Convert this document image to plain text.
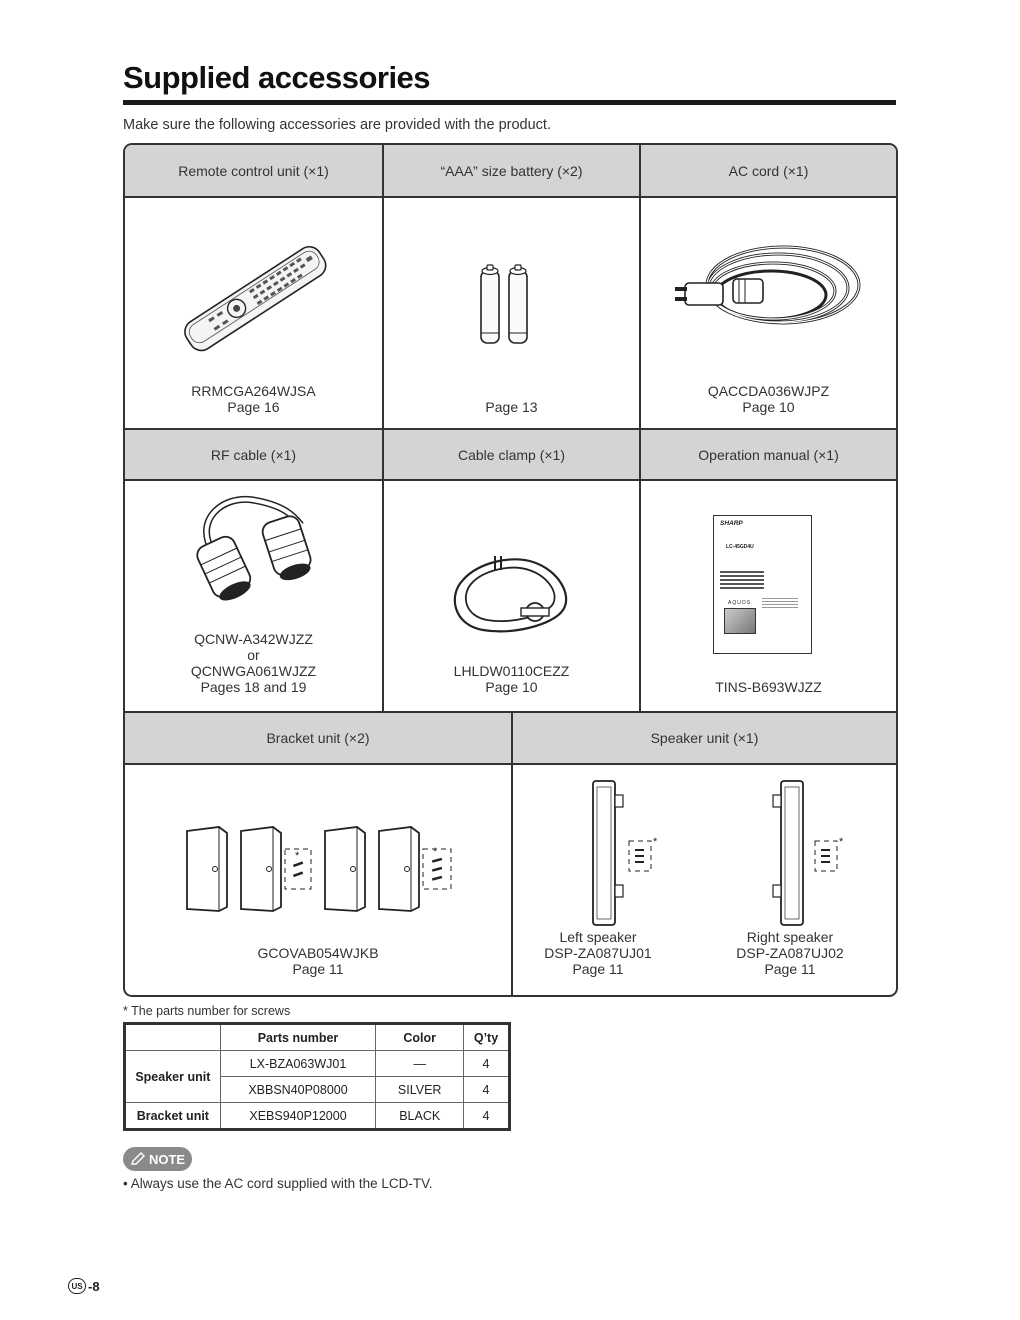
Supplied accessories
Make sure the following accessories are provided with the product.
Remote control unit (×1)	“AAA” size battery (×2)	AC cord (×1)
RF cable (×1)	Cable clamp (×1)	Operation manual (×1)
Bracket unit (×2)	Speaker unit (×1)
RRMCGA264WJSA
Page 16	Page 13
QACCDA036WJPZ
Page 10
QCNW-A342WJZZ
or
QCNWGA061WJZZ
Pages 18 and 19
LHLDW0110CEZZ
Page 10
SHARP
LC-45GD4U
AQUOS
TINS-B693WJZZ
*	*
GCOVAB054WJKB
Page 11
*
Left speaker
DSP-ZA087UJ01
Page 11
*
Right speaker
DSP-ZA087UJ02
Page 11
* The parts number for screws
	Parts number	Color	Q’ty
Speaker unit	LX-BZA063WJ01	—	4
	XBBSN40P08000	SILVER	4
Bracket unit	XEBS940P12000	BLACK	4
NOTE
• Always use the AC cord supplied with the LCD-TV.
US -8
